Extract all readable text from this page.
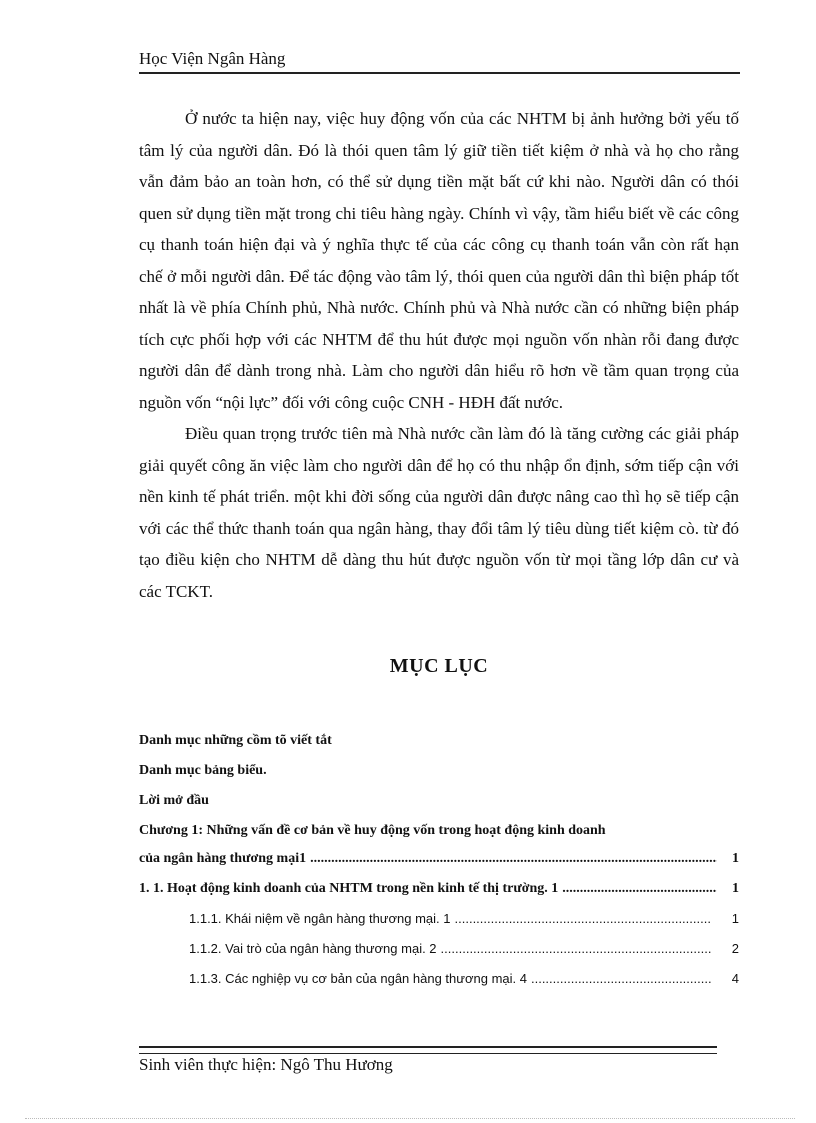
Học Viện Ngân Hàng

Ở nước ta hiện nay, việc huy động vốn của các NHTM bị ảnh hưởng bởi yếu tố tâm lý của người dân. Đó là thói quen tâm lý giữ tiền tiết kiệm ở nhà và họ cho rằng vẫn đảm bảo an toàn hơn, có thể sử dụng tiền mặt bất cứ khi nào. Người dân có thói quen sử dụng tiền mặt trong chi tiêu hàng ngày. Chính vì vậy, tầm hiểu biết về các công cụ thanh toán hiện đại và ý nghĩa thực tế của các công cụ thanh toán vẫn còn rất hạn chế ở mỗi người dân. Để tác động vào tâm lý, thói quen của người dân thì biện pháp tốt nhất là về phía Chính phủ, Nhà nước. Chính phủ và Nhà nước cần có những biện pháp tích cực phối hợp với các NHTM để thu hút được mọi nguồn vốn nhàn rỗi đang được người dân để dành trong nhà. Làm cho người dân hiểu rõ hơn về tầm quan trọng của nguồn vốn “nội lực” đối với công cuộc CNH - HĐH đất nước.

Điều quan trọng trước tiên mà Nhà nước cần làm đó là tăng cường các giải pháp giải quyết công ăn việc làm cho người dân để họ có thu nhập ổn định, sớm tiếp cận với nền kinh tế phát triển. một khi đời sống của người dân được nâng cao thì họ sẽ tiếp cận với các thể thức thanh toán qua ngân hàng, thay đổi tâm lý tiêu dùng tiết kiệm cò. từ đó tạo điều kiện cho NHTM dễ dàng thu hút được nguồn vốn từ mọi tầng lớp dân cư và các TCKT.

MỤC LỤC
Danh mục những cồm tõ viết tắt
Danh mục bảng biểu.
Lời mở đầu
Chương 1: Những vấn đề cơ bản về huy động vốn trong hoạt động kinh doanh
của ngân hàng thương mại1 .....	1
1. 1. Hoạt động kinh doanh của NHTM trong nền kinh tế thị trường. 1 .....	1
1.1.1. Khái niệm về ngân hàng thương mại. 1 .....	1
1.1.2. Vai trò của ngân hàng thương mại. 2 .....	2
1.1.3. Các nghiệp vụ cơ bản của ngân hàng thương mại. 4 .....	4
Sinh viên thực hiện: Ngô Thu Hương
